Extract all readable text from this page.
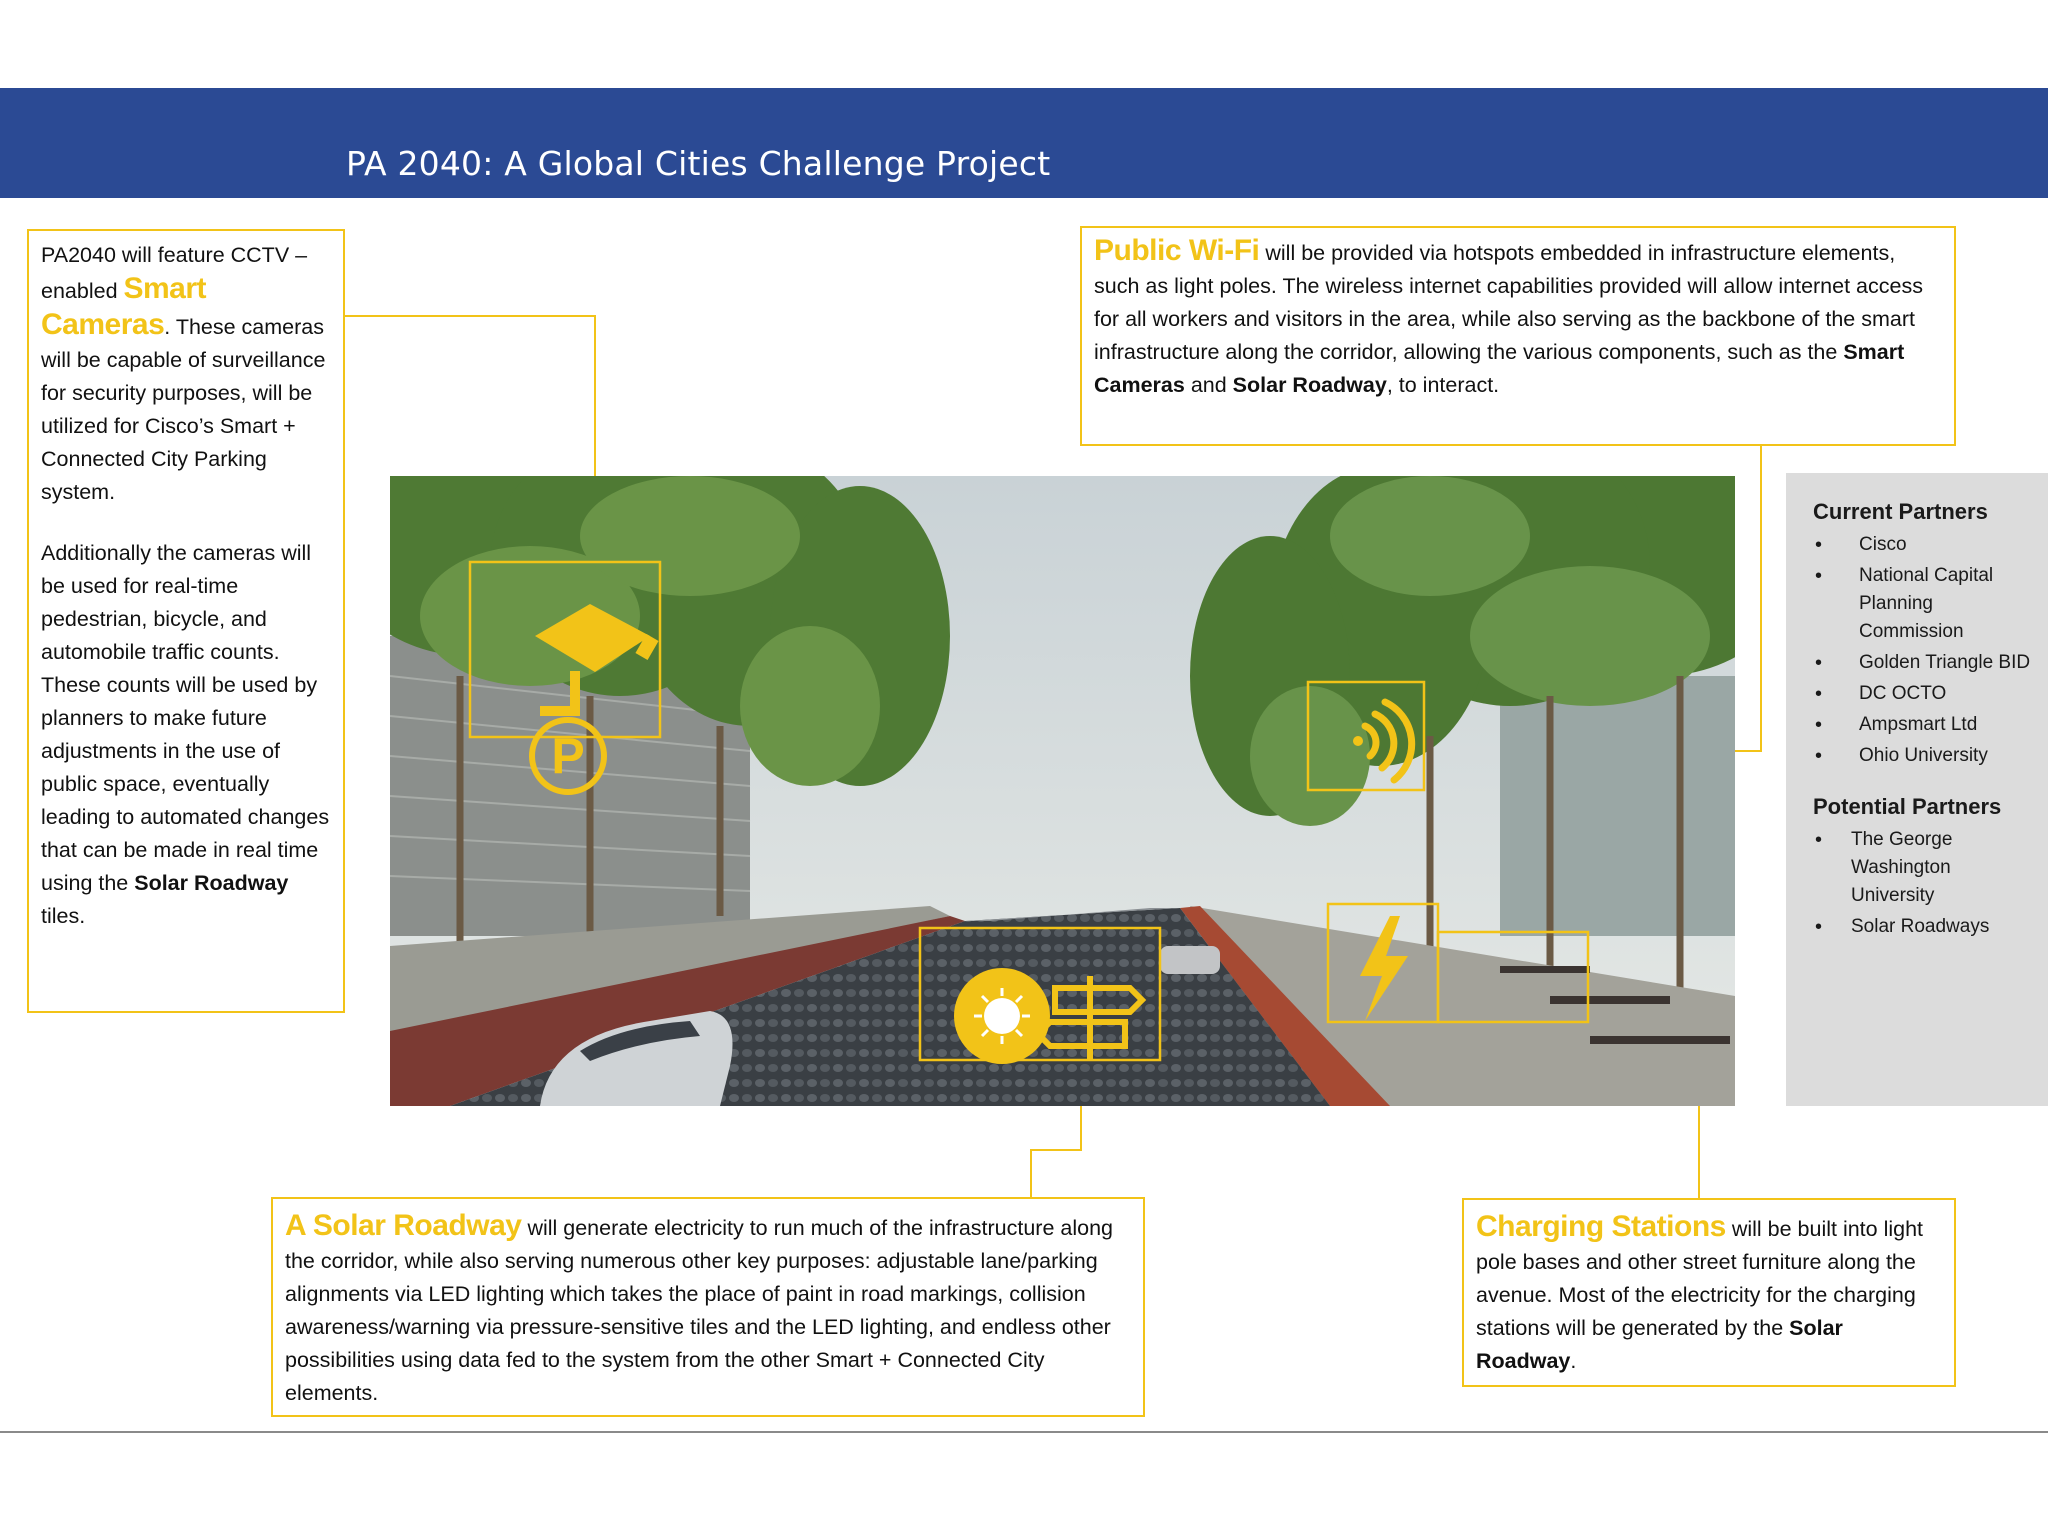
PA 2040: A Global Cities Challenge Project

PA2040 will feature CCTV –enabled Smart Cameras. These cameras will be capable of surveillance for security purposes, will be utilized for Cisco’s Smart + Connected City Parking system.

Additionally the cameras will be used for real-time pedestrian, bicycle, and automobile traffic counts. These counts will be used by planners to make future adjustments in the use of public space, eventually leading to automated changes that can be made in real time using the Solar Roadway tiles.

Public Wi-Fi will be provided via hotspots embedded in infrastructure elements, such as light poles. The wireless internet capabilities provided will allow internet access for all workers and visitors in the area, while also serving as the backbone of the smart infrastructure along the corridor, allowing the various components, such as the Smart Cameras and Solar Roadway, to interact.

P
Current Partners
• Cisco
• National Capital Planning Commission
• Golden Triangle BID
• DC OCTO
• Ampsmart Ltd
• Ohio University
Potential Partners
• The George Washington University
• Solar Roadways

A Solar Roadway will generate electricity to run much of the infrastructure along the corridor, while also serving numerous other key purposes: adjustable lane/parking alignments via LED lighting which takes the place of paint in road markings, collision awareness/warning via pressure-sensitive tiles and the LED lighting, and endless other possibilities using data fed to the system from the other Smart + Connected City elements.

Charging Stations will be built into light pole bases and other street furniture along the avenue. Most of the electricity for the charging stations will be generated by the Solar Roadway.
